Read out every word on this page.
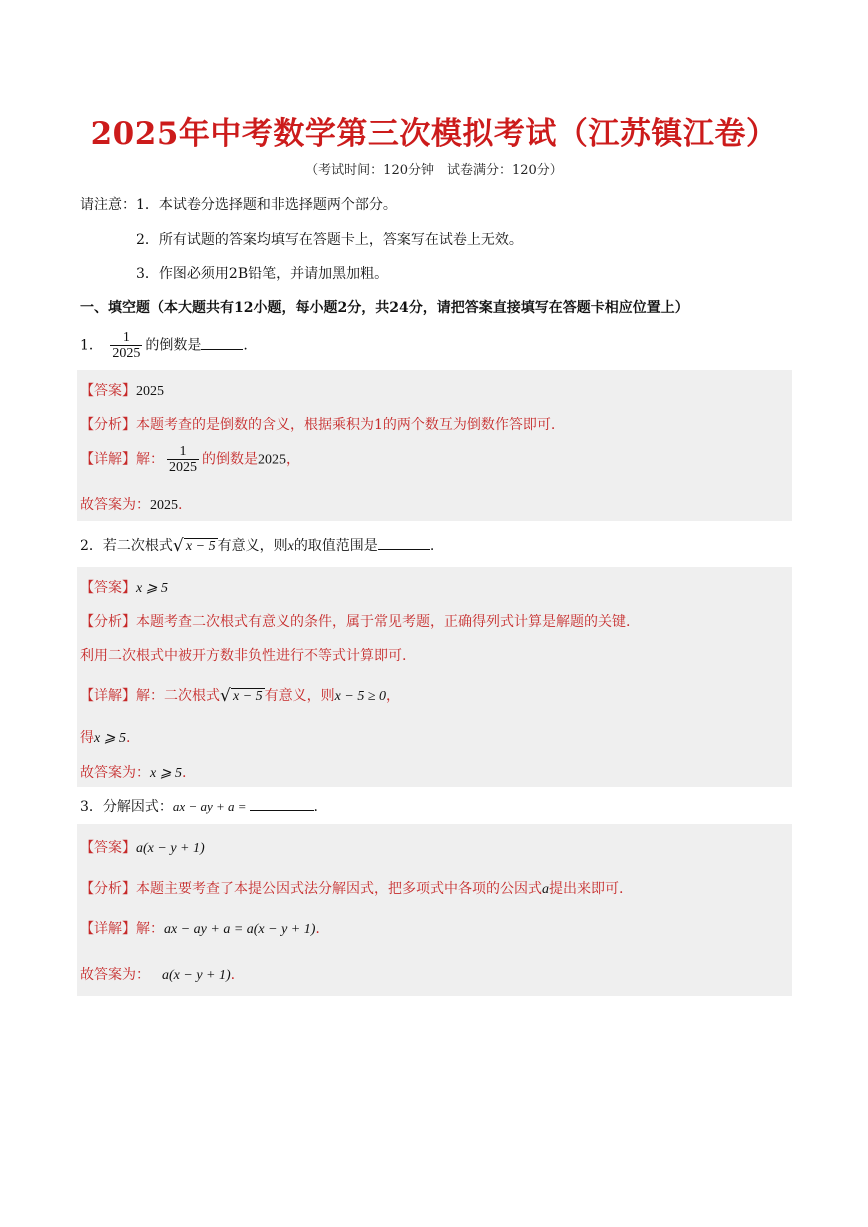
2025年中考数学第三次模拟考试（江苏镇江卷）
（考试时间：120分钟　试卷满分：120分）
请注意：1．本试卷分选择题和非选择题两个部分。
2．所有试题的答案均填写在答题卡上，答案写在试卷上无效。
3．作图必须用2B铅笔，并请加黑加粗。
一、填空题（本大题共有12小题，每小题2分，共24分，请把答案直接填写在答题卡相应位置上）
1． $\frac{1}{2025}$ 的倒数是	.
【答案】2025
【分析】本题考查的是倒数的含义，根据乘积为1的两个数互为倒数作答即可.
【详解】解： $\frac{1}{2025}$ 的倒数是2025，
故答案为：2025.
2．若二次根式 √ x − 5 有意义，则x的取值范围是	.
【答案】x ⩾ 5
【分析】本题考查二次根式有意义的条件，属于常见考题，正确得列式计算是解题的关键.
利用二次根式中被开方数非负性进行不等式计算即可.
【详解】解：二次根式 √ x − 5 有意义，则x − 5 ≥ 0，
得x ⩾ 5.
故答案为：x ⩾ 5.
3．分解因式：ax − ay + a =	.
【答案】a(x − y + 1)
【分析】本题主要考查了本提公因式法分解因式，把多项式中各项的公因式a提出来即可.
【详解】解：ax − ay + a = a(x − y + 1).
故答案为： a(x − y + 1).
